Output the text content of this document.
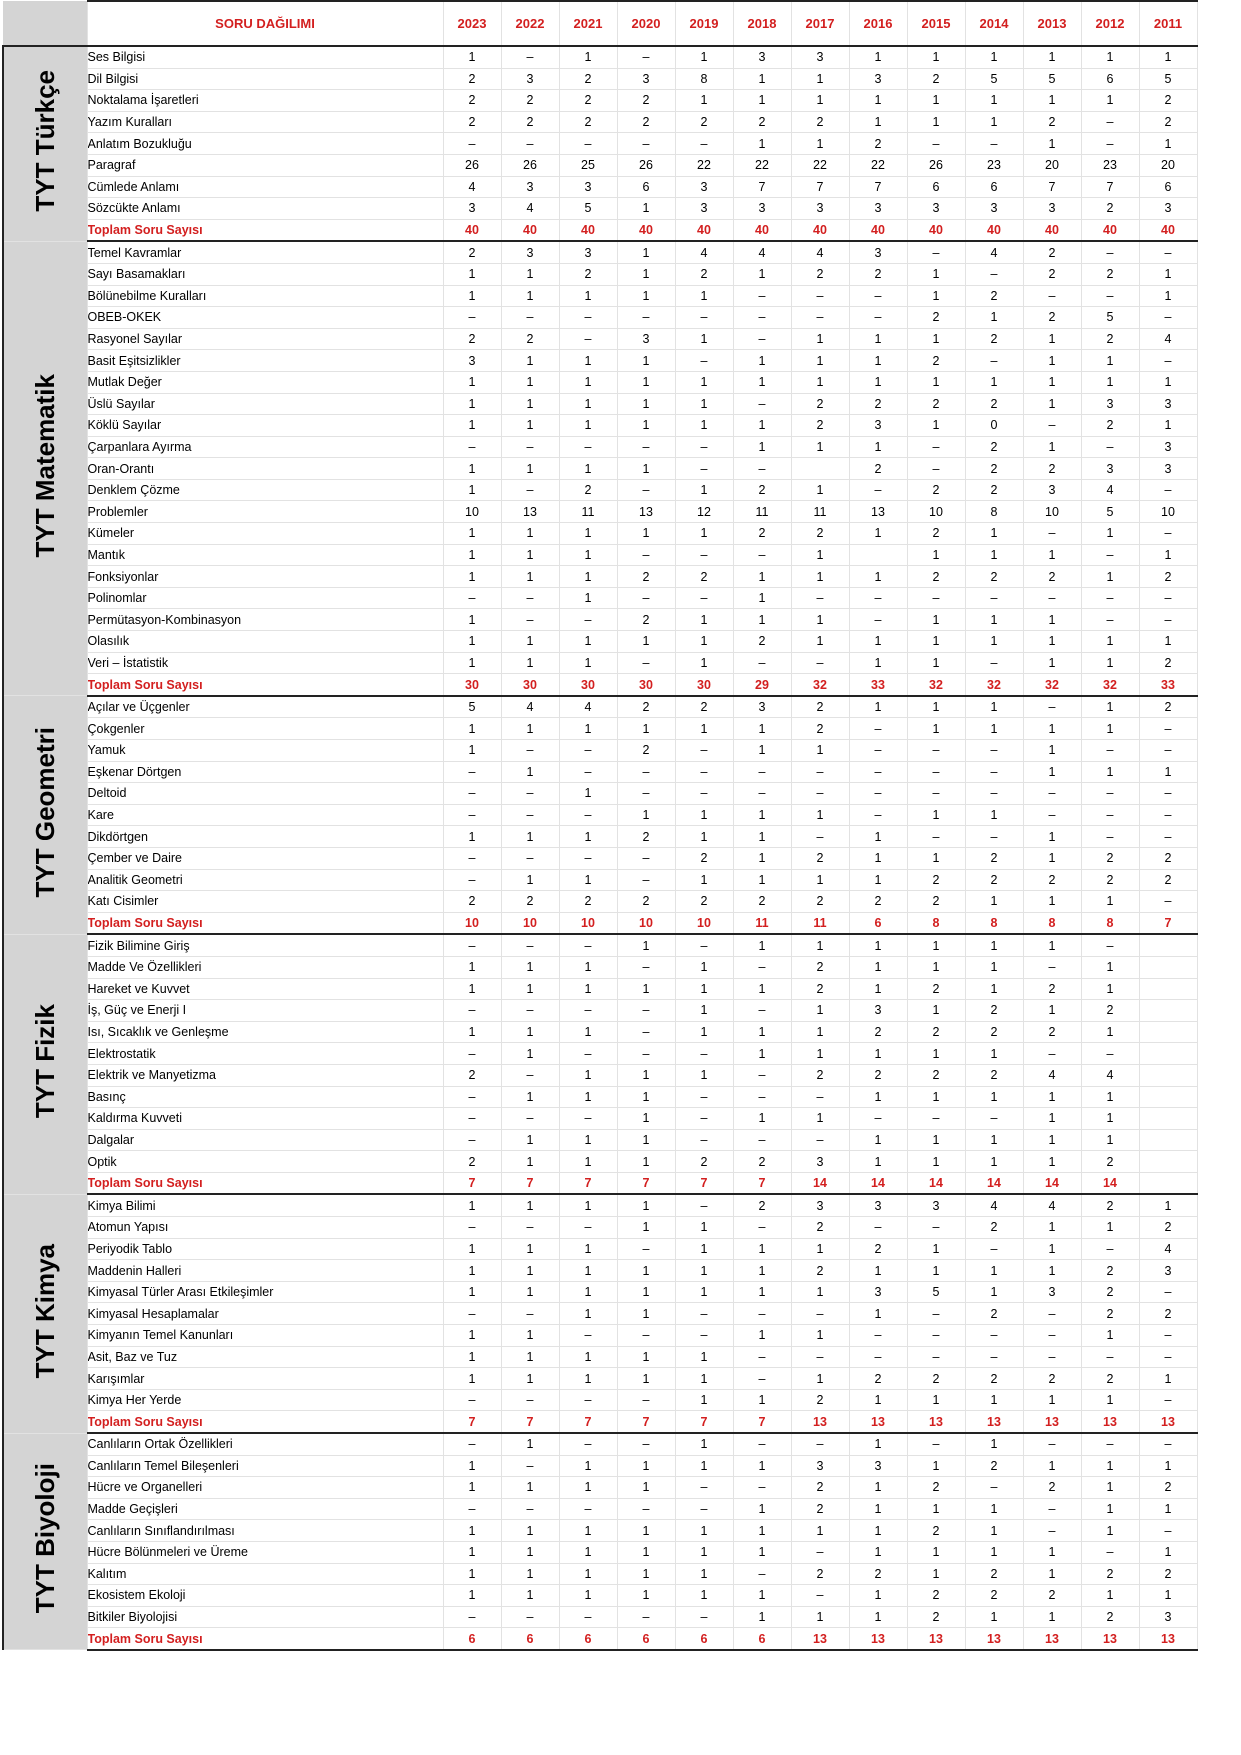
	SORU DAĞILIMI	2023	2022	2021	2020	2019	2018	2017	2016	2015	2014	2013	2012	2011
TYT Türkçe	Ses Bilgisi	1	–	1	–	1	3	3	1	1	1	1	1	1
	Dil Bilgisi	2	3	2	3	8	1	1	3	2	5	5	6	5
	Noktalama İşaretleri	2	2	2	2	1	1	1	1	1	1	1	1	2
	Yazım Kuralları	2	2	2	2	2	2	2	1	1	1	2	–	2
	Anlatım Bozukluğu	–	–	–	–	–	1	1	2	–	–	1	–	1
	Paragraf	26	26	25	26	22	22	22	22	26	23	20	23	20
	Cümlede Anlamı	4	3	3	6	3	7	7	7	6	6	7	7	6
	Sözcükte Anlamı	3	4	5	1	3	3	3	3	3	3	3	2	3
	Toplam Soru Sayısı	40	40	40	40	40	40	40	40	40	40	40	40	40
TYT Matematik	Temel Kavramlar	2	3	3	1	4	4	4	3	–	4	2	–	–
	Sayı Basamakları	1	1	2	1	2	1	2	2	1	–	2	2	1
	Bölünebilme Kuralları	1	1	1	1	1	–	–	–	1	2	–	–	1
	OBEB-OKEK	–	–	–	–	–	–	–	–	2	1	2	5	–
	Rasyonel Sayılar	2	2	–	3	1	–	1	1	1	2	1	2	4
	Basit Eşitsizlikler	3	1	1	1	–	1	1	1	2	–	1	1	–
	Mutlak Değer	1	1	1	1	1	1	1	1	1	1	1	1	1
	Üslü Sayılar	1	1	1	1	1	–	2	2	2	2	1	3	3
	Köklü Sayılar	1	1	1	1	1	1	2	3	1	0	–	2	1
	Çarpanlara Ayırma	–	–	–	–	–	1	1	1	–	2	1	–	3
	Oran-Orantı	1	1	1	1	–	–		2	–	2	2	3	3
	Denklem Çözme	1	–	2	–	1	2	1	–	2	2	3	4	–
	Problemler	10	13	11	13	12	11	11	13	10	8	10	5	10
	Kümeler	1	1	1	1	1	2	2	1	2	1	–	1	–
	Mantık	1	1	1	–	–	–	1		1	1	1	–	1
	Fonksiyonlar	1	1	1	2	2	1	1	1	2	2	2	1	2
	Polinomlar	–	–	1	–	–	1	–	–	–	–	–	–	–
	Permütasyon-Kombinasyon	1	–	–	2	1	1	1	–	1	1	1	–	–
	Olasılık	1	1	1	1	1	2	1	1	1	1	1	1	1
	Veri – İstatistik	1	1	1	–	1	–	–	1	1	–	1	1	2
	Toplam Soru Sayısı	30	30	30	30	30	29	32	33	32	32	32	32	33
TYT Geometri	Açılar ve Üçgenler	5	4	4	2	2	3	2	1	1	1	–	1	2
	Çokgenler	1	1	1	1	1	1	2	–	1	1	1	1	–
	Yamuk	1	–	–	2	–	1	1	–	–	–	1	–	–
	Eşkenar Dörtgen	–	1	–	–	–	–	–	–	–	–	1	1	1
	Deltoid	–	–	1	–	–	–	–	–	–	–	–	–	–
	Kare	–	–	–	1	1	1	1	–	1	1	–	–	–
	Dikdörtgen	1	1	1	2	1	1	–	1	–	–	1	–	–
	Çember ve Daire	–	–	–	–	2	1	2	1	1	2	1	2	2
	Analitik Geometri	–	1	1	–	1	1	1	1	2	2	2	2	2
	Katı Cisimler	2	2	2	2	2	2	2	2	2	1	1	1	–
	Toplam Soru Sayısı	10	10	10	10	10	11	11	6	8	8	8	8	7
TYT Fizik	Fizik Bilimine Giriş	–	–	–	1	–	1	1	1	1	1	1	–	
	Madde Ve Özellikleri	1	1	1	–	1	–	2	1	1	1	–	1	
	Hareket ve Kuvvet	1	1	1	1	1	1	2	1	2	1	2	1	
	İş, Güç ve Enerji I	–	–	–	–	1	–	1	3	1	2	1	2	
	Isı, Sıcaklık ve Genleşme	1	1	1	–	1	1	1	2	2	2	2	1	
	Elektrostatik	–	1	–	–	–	1	1	1	1	1	–	–	
	Elektrik ve Manyetizma	2	–	1	1	1	–	2	2	2	2	4	4	
	Basınç	–	1	1	1	–	–	–	1	1	1	1	1	
	Kaldırma Kuvveti	–	–	–	1	–	1	1	–	–	–	1	1	
	Dalgalar	–	1	1	1	–	–	–	1	1	1	1	1	
	Optik	2	1	1	1	2	2	3	1	1	1	1	2	
	Toplam Soru Sayısı	7	7	7	7	7	7	14	14	14	14	14	14	
TYT Kimya	Kimya Bilimi	1	1	1	1	–	2	3	3	3	4	4	2	1
	Atomun Yapısı	–	–	–	1	1	–	2	–	–	2	1	1	2
	Periyodik Tablo	1	1	1	–	1	1	1	2	1	–	1	–	4
	Maddenin Halleri	1	1	1	1	1	1	2	1	1	1	1	2	3
	Kimyasal Türler Arası Etkileşimler	1	1	1	1	1	1	1	3	5	1	3	2	–
	Kimyasal Hesaplamalar	–	–	1	1	–	–	–	1	–	2	–	2	2
	Kimyanın Temel Kanunları	1	1	–	–	–	1	1	–	–	–	–	1	–
	Asit, Baz ve Tuz	1	1	1	1	1	–	–	–	–	–	–	–	–
	Karışımlar	1	1	1	1	1	–	1	2	2	2	2	2	1
	Kimya Her Yerde	–	–	–	–	1	1	2	1	1	1	1	1	–
	Toplam Soru Sayısı	7	7	7	7	7	7	13	13	13	13	13	13	13
TYT Biyoloji	Canlıların Ortak Özellikleri	–	1	–	–	1	–	–	1	–	1	–	–	–
	Canlıların Temel Bileşenleri	1	–	1	1	1	1	3	3	1	2	1	1	1
	Hücre ve Organelleri	1	1	1	1	–	–	2	1	2	–	2	1	2
	Madde Geçişleri	–	–	–	–	–	1	2	1	1	1	–	1	1
	Canlıların Sınıflandırılması	1	1	1	1	1	1	1	1	2	1	–	1	–
	Hücre Bölünmeleri ve Üreme	1	1	1	1	1	1	–	1	1	1	1	–	1
	Kalıtım	1	1	1	1	1	–	2	2	1	2	1	2	2
	Ekosistem Ekoloji	1	1	1	1	1	1	–	1	2	2	2	1	1
	Bitkiler Biyolojisi	–	–	–	–	–	1	1	1	2	1	1	2	3
	Toplam Soru Sayısı	6	6	6	6	6	6	13	13	13	13	13	13	13
